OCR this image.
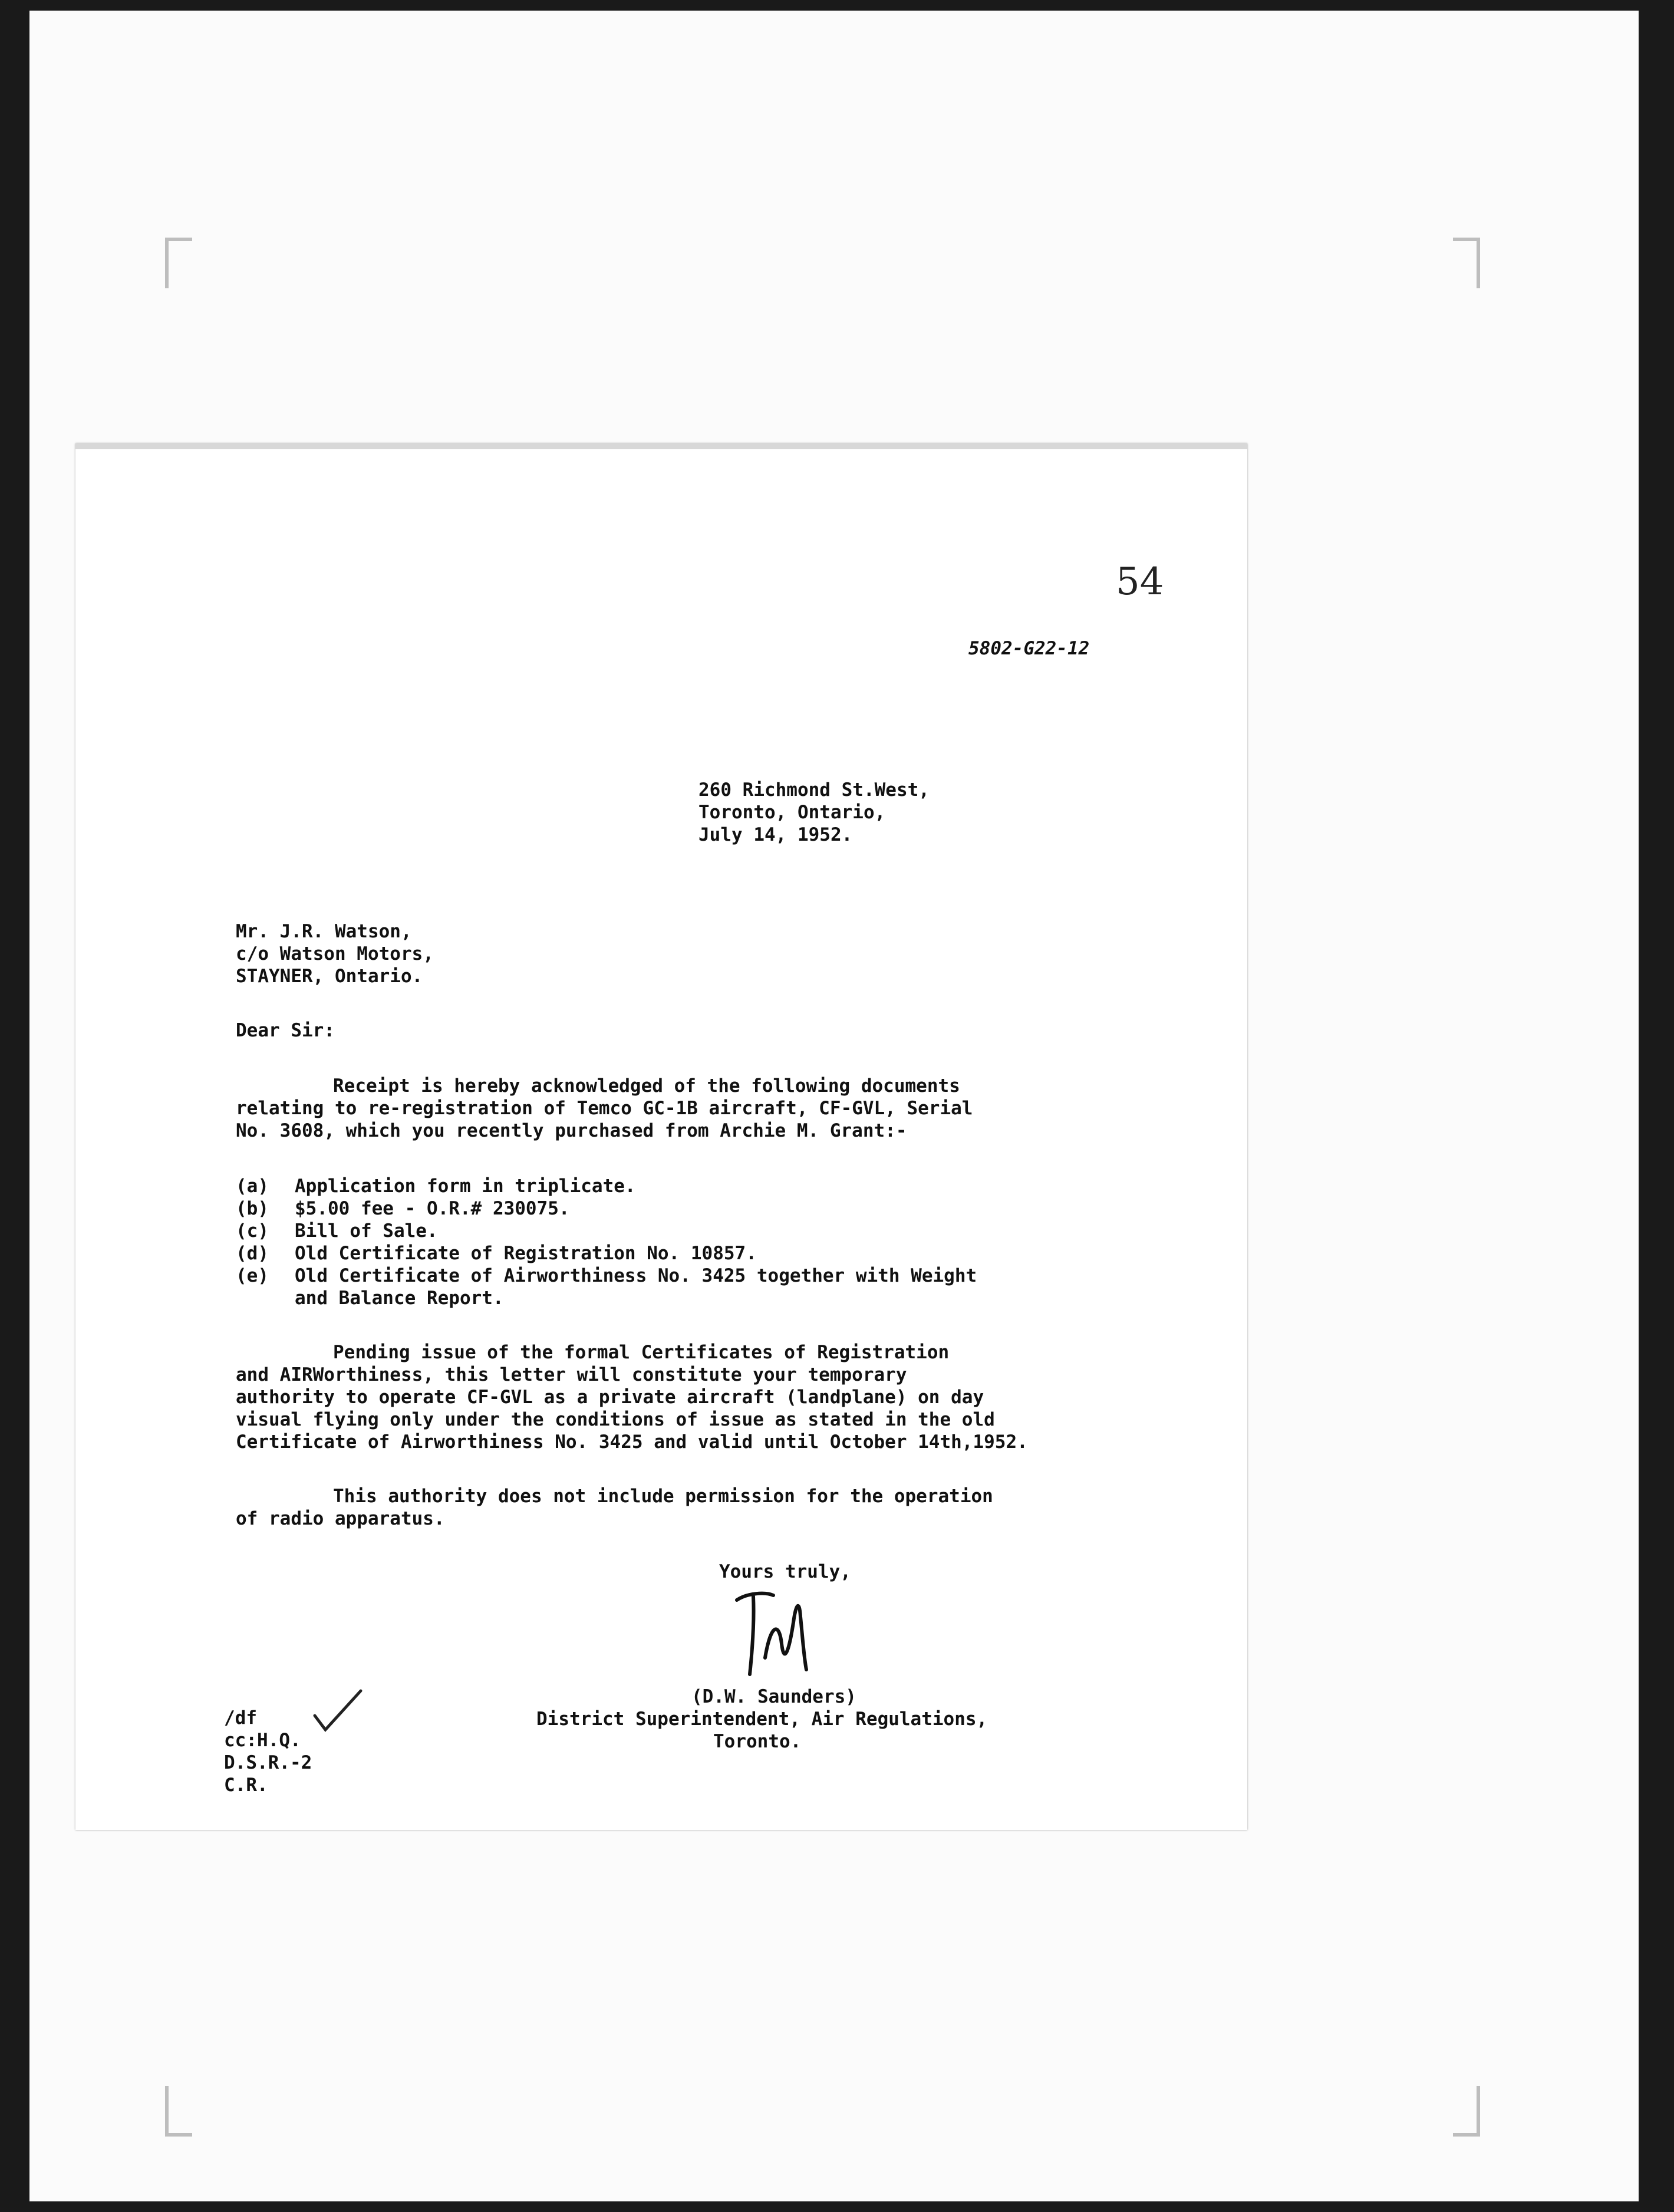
54
5802-G22-12
260 Richmond St.West,
Toronto, Ontario,
July 14, 1952.
Mr. J.R. Watson,
c/o Watson Motors,
STAYNER, Ontario.
Dear Sir:
Receipt is hereby acknowledged of the following documents
relating to re-registration of Temco GC-1B aircraft, CF-GVL, Serial
No. 3608, which you recently purchased from Archie M. Grant:-
(a) Application form in triplicate.
(b) $5.00 fee - O.R.# 230075.
(c) Bill of Sale.
(d) Old Certificate of Registration No. 10857.
(e) Old Certificate of Airworthiness No. 3425 together with Weight
and Balance Report.
Pending issue of the formal Certificates of Registration
and AIRWorthiness, this letter will constitute your temporary
authority to operate CF-GVL as a private aircraft (landplane) on day
visual flying only under the conditions of issue as stated in the old
Certificate of Airworthiness No. 3425 and valid until October 14th,1952.
This authority does not include permission for the operation
of radio apparatus.
Yours truly,
(D.W. Saunders)
District Superintendent, Air Regulations,
Toronto.
/df
cc:H.Q.
D.S.R.-2
C.R.
